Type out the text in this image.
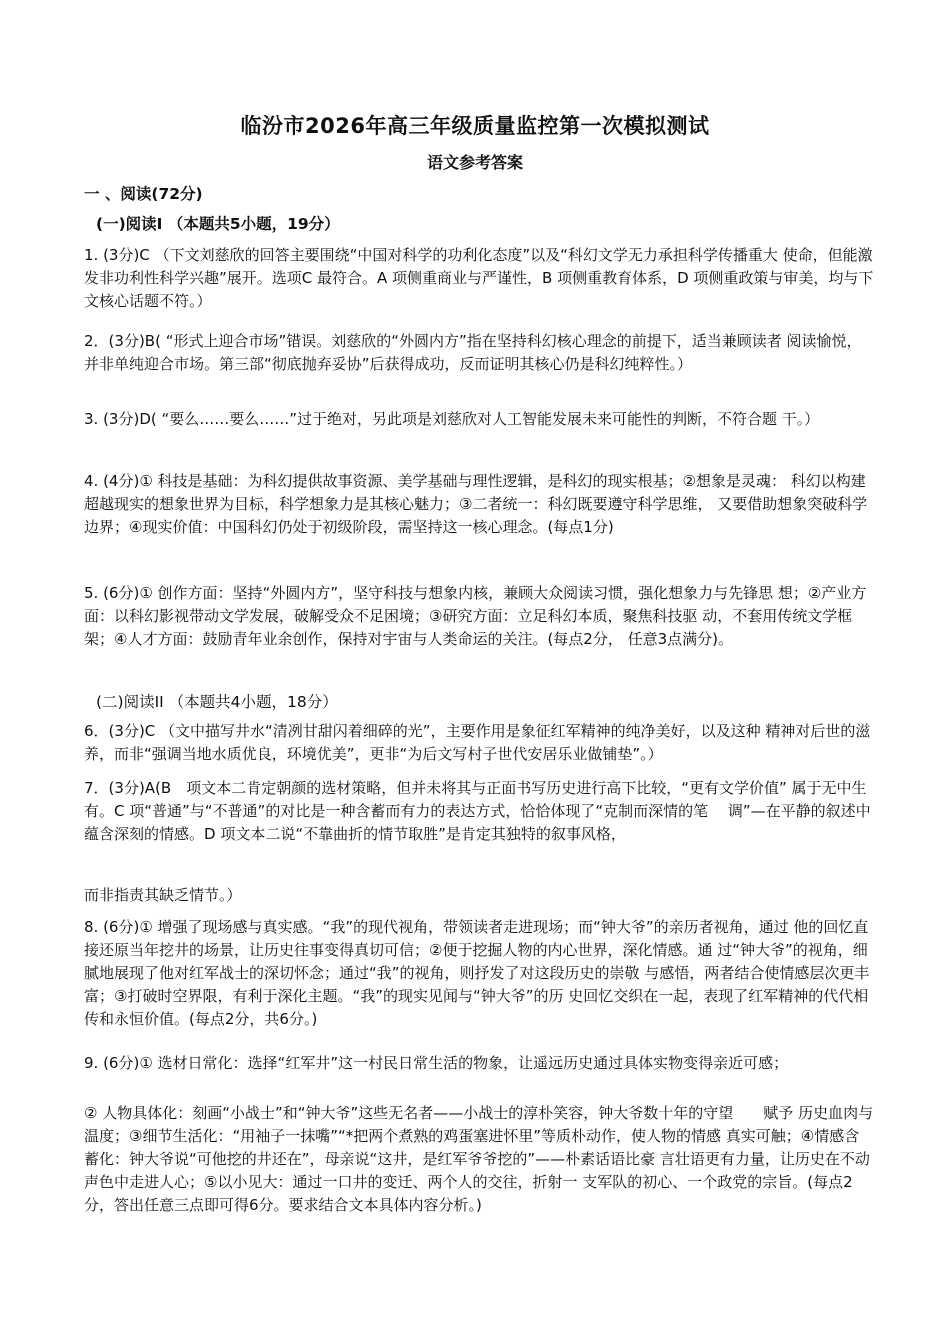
临汾市2026年高三年级质量监控第一次模拟测试
语文参考答案
一 、阅读(72分)
(一)阅读Ⅰ （本题共5小题，19分）

1. (3分)C （下文刘慈欣的回答主要围绕“中国对科学的功利化态度”以及“科幻文学无力承担科学传播重大 使命，但能激发非功利性科学兴趣”展开。选项C 最符合。A 项侧重商业与严谨性，B 项侧重教育体系，D 项侧重政策与审美，均与下文核心话题不符。）

2．(3分)B( “形式上迎合市场”错误。刘慈欣的“外圆内方”指在坚持科幻核心理念的前提下，适当兼顾读者 阅读愉悦，并非单纯迎合市场。第三部“彻底抛弃妥协”后获得成功，反而证明其核心仍是科幻纯粹性。）

3. (3分)D( “要么……要么……”过于绝对，另此项是刘慈欣对人工智能发展未来可能性的判断，不符合题 干。）

4. (4分)① 科技是基础：为科幻提供故事资源、美学基础与理性逻辑，是科幻的现实根基；②想象是灵魂： 科幻以构建超越现实的想象世界为目标，科学想象力是其核心魅力；③二者统一：科幻既要遵守科学思维， 又要借助想象突破科学边界；④现实价值：中国科幻仍处于初级阶段，需坚持这一核心理念。(每点1分)

5. (6分)① 创作方面：坚持“外圆内方”，坚守科技与想象内核，兼顾大众阅读习惯，强化想象力与先锋思 想；②产业方面：以科幻影视带动文学发展，破解受众不足困境；③研究方面：立足科幻本质，聚焦科技驱 动，不套用传统文学框架；④人才方面：鼓励青年业余创作，保持对宇宙与人类命运的关注。(每点2分， 任意3点满分)。

(二)阅读II （本题共4小题，18分）

6．(3分)C （文中描写井水“清冽甘甜闪着细碎的光”，主要作用是象征红军精神的纯净美好，以及这种 精神对后世的滋养，而非“强调当地水质优良，环境优美”，更非“为后文写村子世代安居乐业做铺垫”。）

7．(3分)A(B　项文本二肯定朝颜的选材策略，但并未将其与正面书写历史进行高下比较，“更有文学价值” 属于无中生有。C 项“普通”与“不普通”的对比是一种含蓄而有力的表达方式，恰恰体现了“克制而深情的笔　 调”—在平静的叙述中蕴含深刻的情感。D 项文本二说“不靠曲折的情节取胜”是肯定其独特的叙事风格，

而非指责其缺乏情节。）

8. (6分)① 增强了现场感与真实感。“我”的现代视角，带领读者走进现场；而“钟大爷”的亲历者视角，通过 他的回忆直接还原当年挖井的场景，让历史往事变得真切可信；②便于挖掘人物的内心世界，深化情感。通 过“钟大爷”的视角，细腻地展现了他对红军战士的深切怀念；通过“我”的视角，则抒发了对这段历史的崇敬 与感悟，两者结合使情感层次更丰富；③打破时空界限，有利于深化主题。“我”的现实见闻与“钟大爷”的历 史回忆交织在一起，表现了红军精神的代代相传和永恒价值。(每点2分，共6分。)

9. (6分)① 选材日常化：选择“红军井”这一村民日常生活的物象，让遥远历史通过具体实物变得亲近可感；

② 人物具体化：刻画“小战士”和“钟大爷”这些无名者——小战士的淳朴笑容，钟大爷数十年的守望　　赋予 历史血肉与温度；③细节生活化：“用袖子一抹嘴”“*把两个煮熟的鸡蛋塞进怀里”等质朴动作，使人物的情感 真实可触；④情感含蓄化：钟大爷说“可他挖的井还在”，母亲说“这井，是红军爷爷挖的”——朴素话语比豪 言壮语更有力量，让历史在不动声色中走进人心；⑤以小见大：通过一口井的变迁、两个人的交往，折射一 支军队的初心、一个政党的宗旨。(每点2分，答出任意三点即可得6分。要求结合文本具体内容分析。)
